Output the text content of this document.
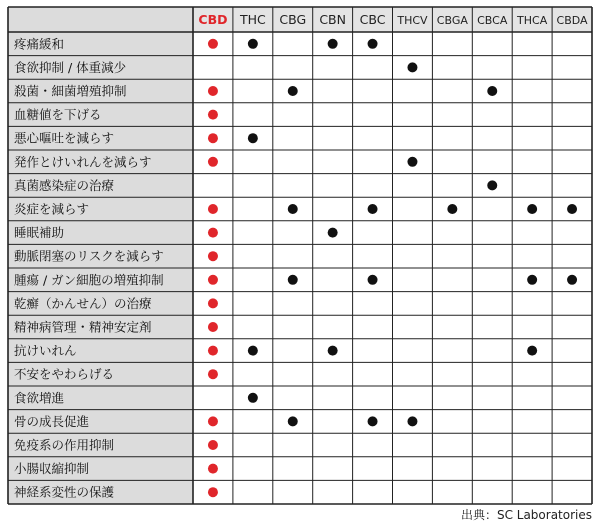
CBD THC CBG CBN CBC THCV CBGA CBCA THCA CBDA
疼痛緩和
食欲抑制 / 体重減少
殺菌・細菌増殖抑制
血糖値を下げる
悪心嘔吐を減らす
発作とけいれんを減らす
真菌感染症の治療
炎症を減らす
睡眠補助
動脈閉塞のリスクを減らす
腫瘍 / ガン細胞の増殖抑制
乾癬（かんせん）の治療
精神病管理・精神安定剤
抗けいれん
不安をやわらげる
食欲増進
骨の成長促進
免疫系の作用抑制
小腸収縮抑制
神経系変性の保護
出典：SC Laboratories
